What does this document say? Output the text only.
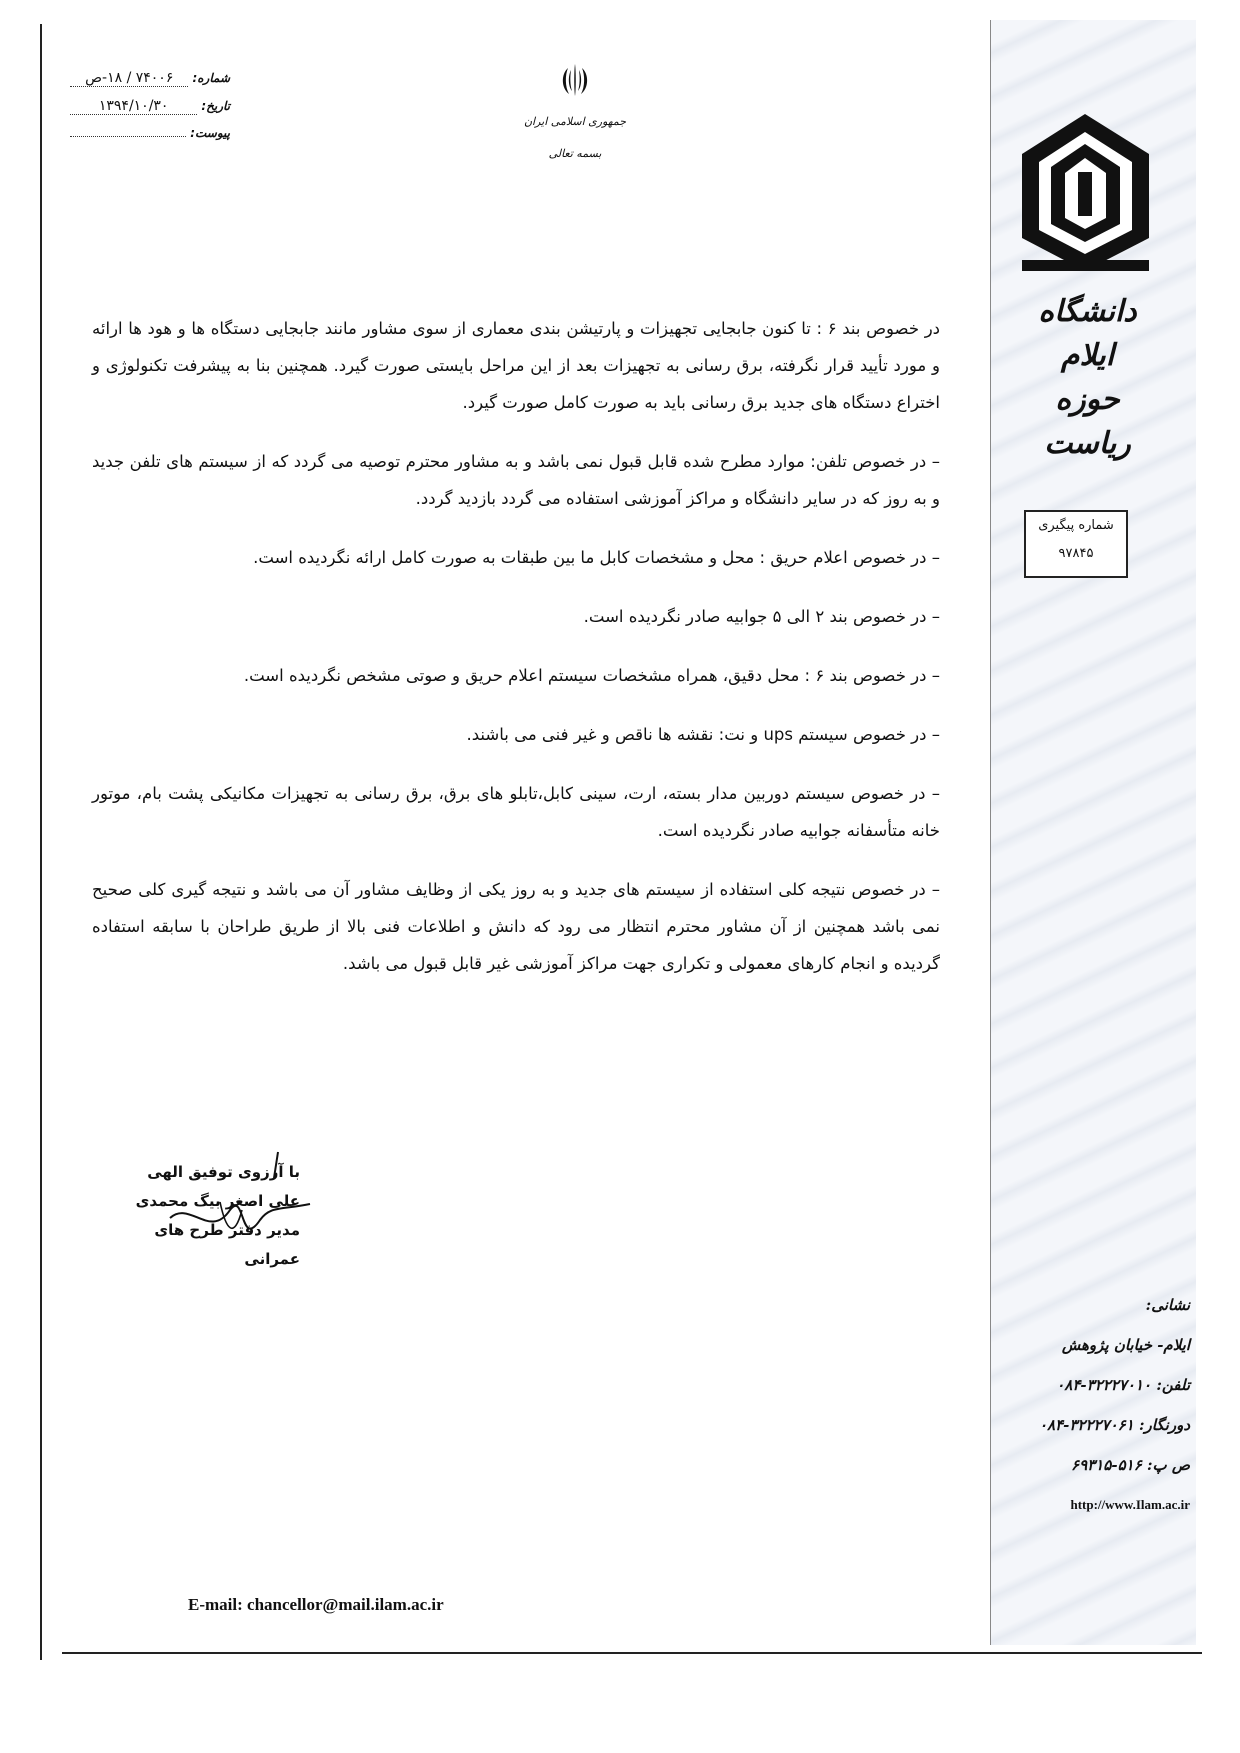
شماره:
۷۴۰۰۶ / ۱۸-ص
تاریخ:
۱۳۹۴/۱۰/۳۰
پیوست:
جمهوری اسلامی ایران
بسمه تعالی
دانشگاه ایلام
حوزه ریاست
شماره پیگیری
۹۷۸۴۵

در خصوص بند ۶ : تا کنون جابجایی تجهیزات و پارتیشن بندی معماری از سوی مشاور مانند جابجایی دستگاه ها و هود ها ارائه و مورد تأیید قرار نگرفته، برق رسانی به تجهیزات بعد از این مراحل بایستی صورت گیرد. همچنین بنا به پیشرفت تکنولوژی و اختراع دستگاه های جدید برق رسانی باید به صورت کامل صورت گیرد.

– در خصوص تلفن: موارد مطرح شده قابل قبول نمی باشد و به مشاور محترم توصیه می گردد که از سیستم های تلفن جدید و به روز که در سایر دانشگاه و مراکز آموزشی استفاده می گردد بازدید گردد.

– در خصوص اعلام حریق : محل و مشخصات کابل ما بین طبقات به صورت کامل ارائه نگردیده است.

– در خصوص بند ۲ الی ۵ جوابیه صادر نگردیده است.

– در خصوص بند ۶ : محل دقیق، همراه مشخصات سیستم اعلام حریق و صوتی مشخص نگردیده است.

– در خصوص سیستم ups و نت: نقشه ها ناقص و غیر فنی می باشند.

– در خصوص سیستم دوربین مدار بسته، ارت، سینی کابل،تابلو های برق، برق رسانی به تجهیزات مکانیکی پشت بام، موتور خانه متأسفانه جوابیه صادر نگردیده است.

– در خصوص نتیجه کلی استفاده از سیستم های جدید و به روز یکی از وظایف مشاور آن می باشد و نتیجه گیری کلی صحیح نمی باشد همچنین از آن مشاور محترم انتظار می رود که دانش و اطلاعات فنی بالا از طریق طراحان با سابقه استفاده گردیده و انجام کارهای معمولی و تکراری جهت مراکز آموزشی غیر قابل قبول می باشد.

با آرزوی توفیق الهی
علی اصغر بیگ محمدی
مدیر دفتر طرح های عمرانی
نشانی:
ایلام- خیابان پژوهش
تلفن: ۳۲۲۲۷۰۱۰-۰۸۴
دورنگار: ۳۲۲۲۷۰۶۱-۰۸۴
ص پ: ۵۱۶-۶۹۳۱۵
http://www.Ilam.ac.ir
E-mail: chancellor@mail.ilam.ac.ir
